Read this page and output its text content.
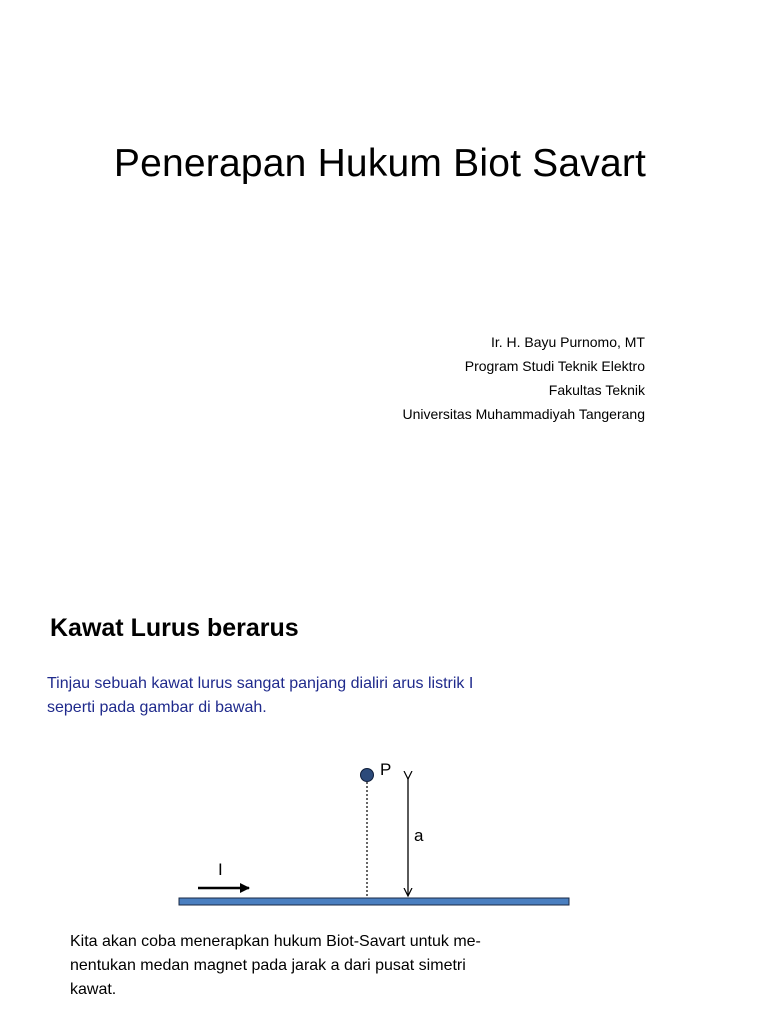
Penerapan Hukum Biot Savart
Ir. H. Bayu Purnomo, MT
Program Studi Teknik Elektro
Fakultas Teknik
Universitas Muhammadiyah Tangerang
Kawat Lurus berarus
Tinjau sebuah kawat lurus sangat panjang dialiri arus listrik I
seperti pada gambar di bawah.
P
a
I
Kita akan coba menerapkan hukum Biot-Savart untuk me-
nentukan medan magnet pada jarak a dari pusat simetri
kawat.
